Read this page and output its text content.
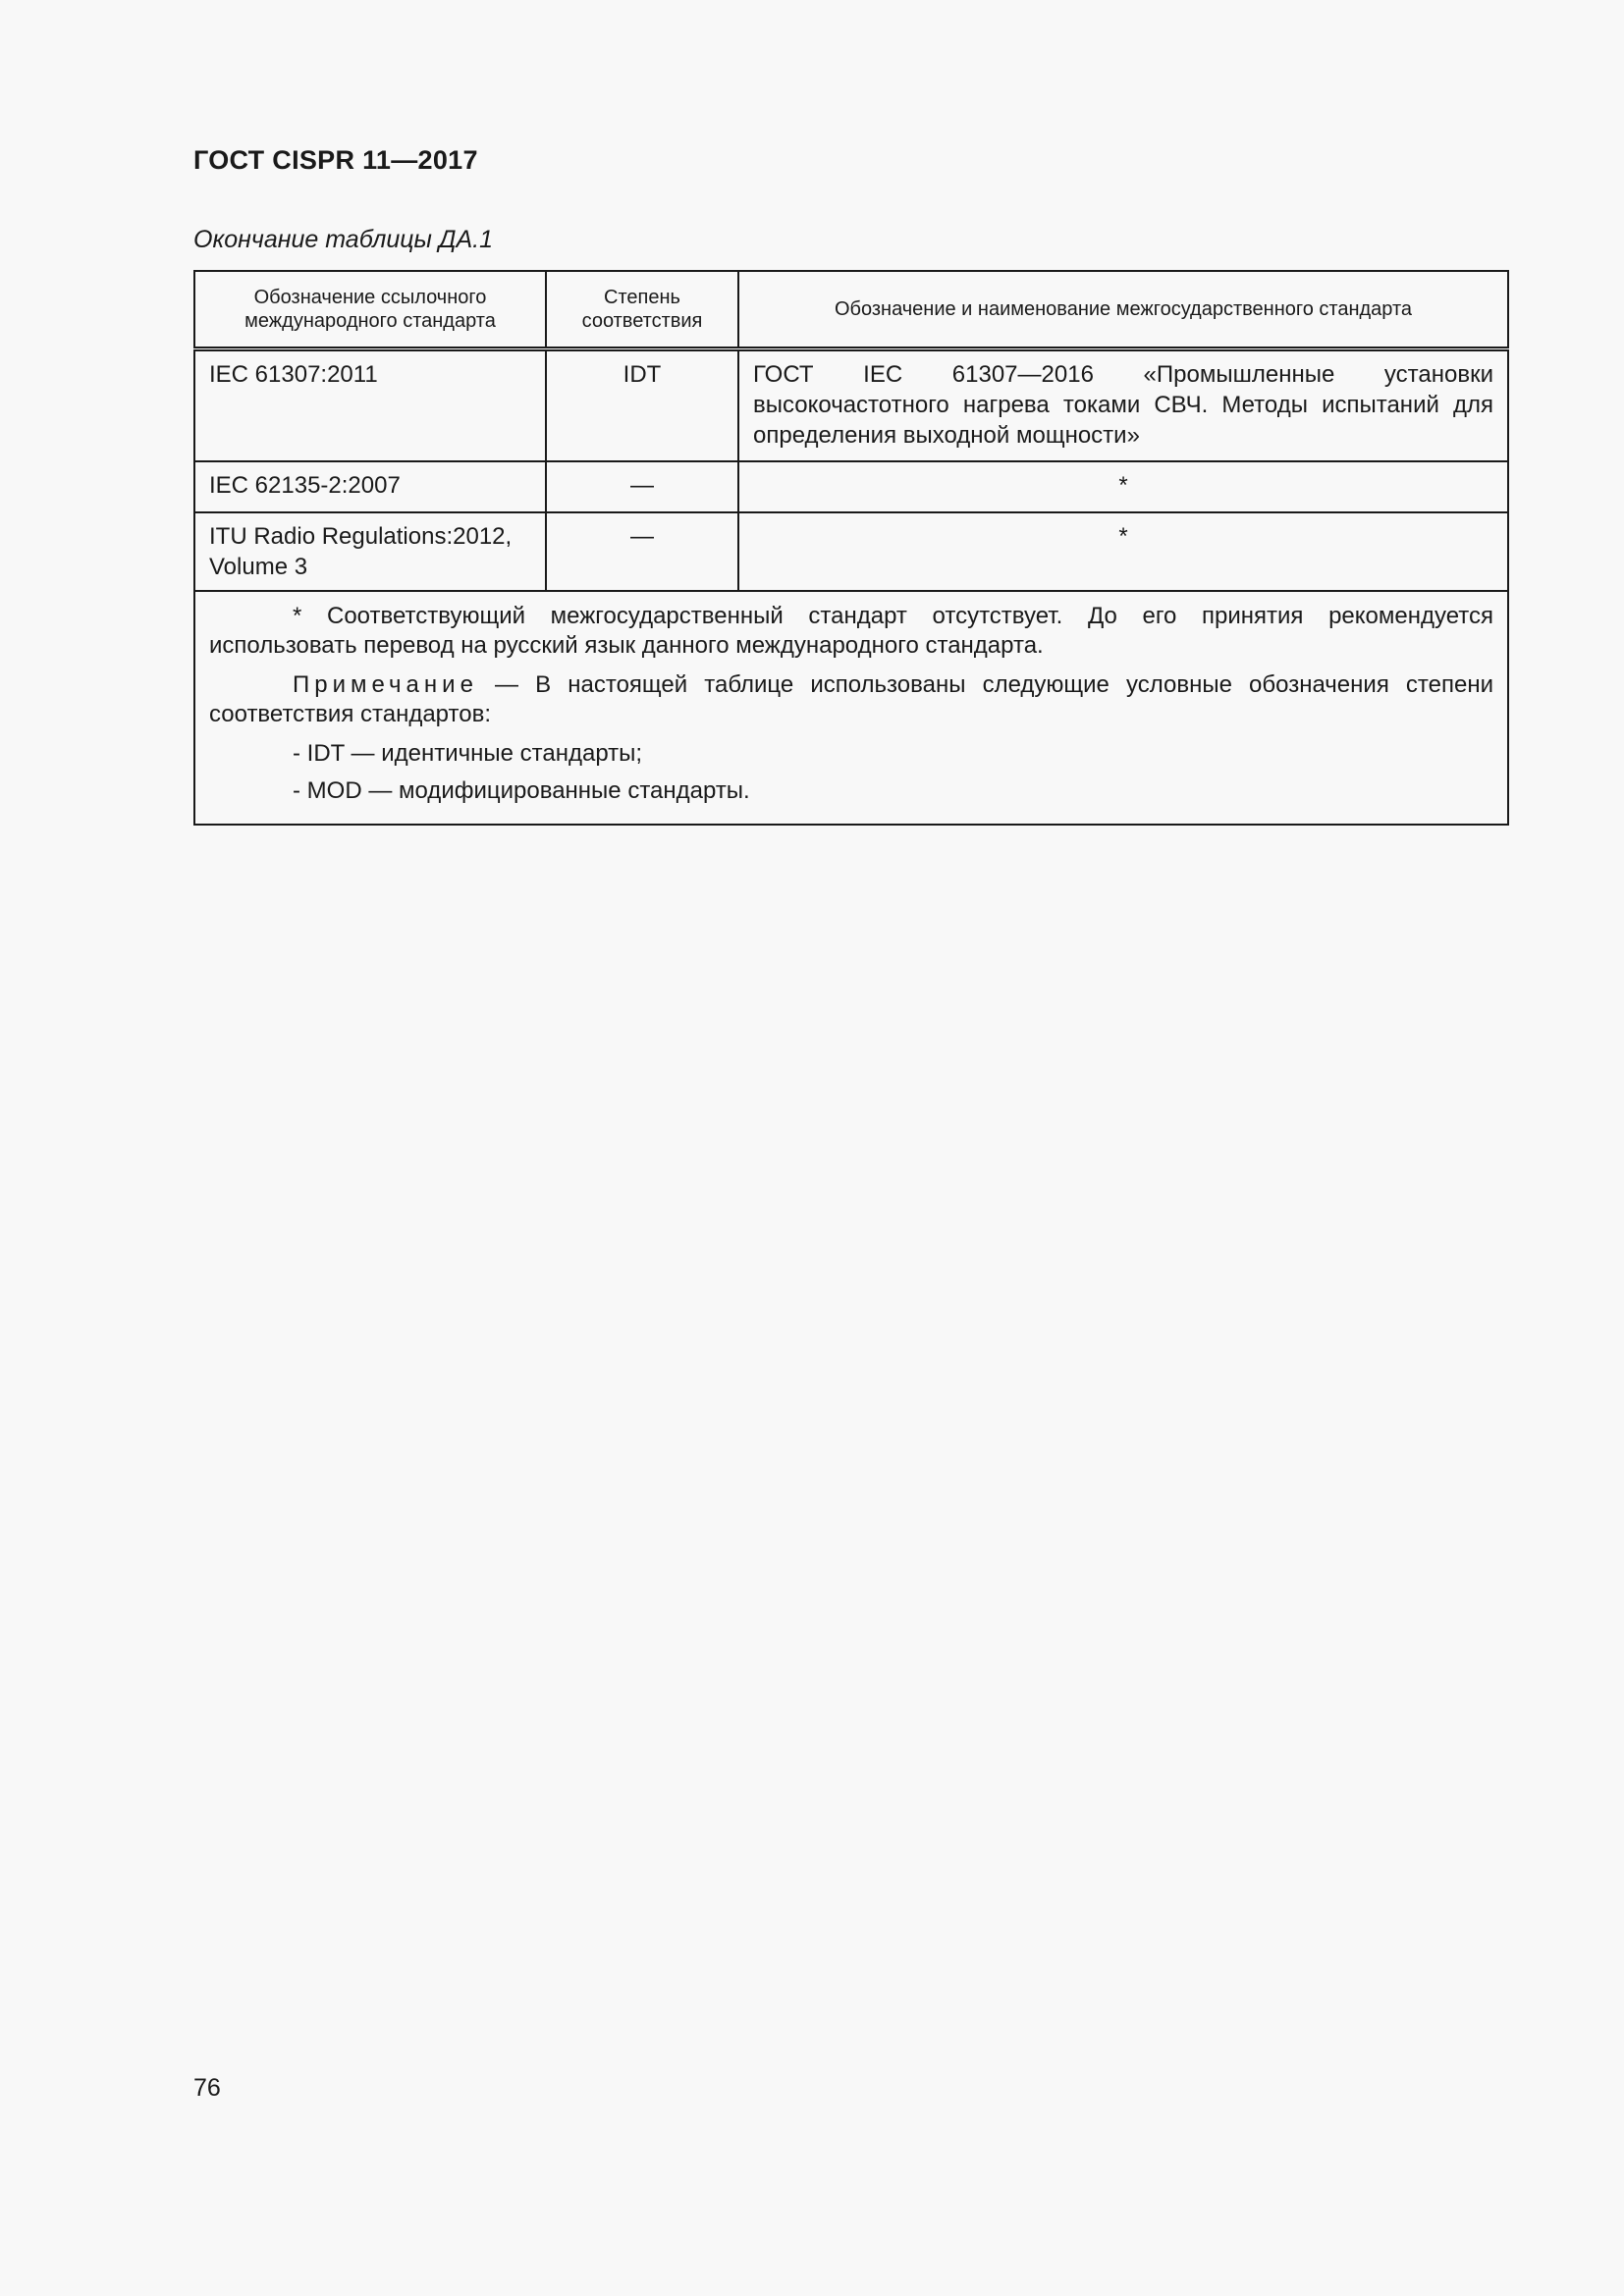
ГОСТ CISPR 11—2017
Окончание таблицы ДА.1
Обозначение ссылочного международного стандарта	Степень соответствия	Обозначение и наименование межгосударственного стандарта
IEC 61307:2011	IDT	ГОСТ IEC 61307—2016 «Промышленные установки высокочастотного нагрева токами СВЧ. Методы испытаний для определения выходной мощности»
IEC 62135-2:2007	—	*
ITU Radio Regulations:2012, Volume 3	—	*

* Соответствующий межгосударственный стандарт отсутствует. До его принятия рекомендуется использовать перевод на русский язык данного международного стандарта.

Примечание — В настоящей таблице использованы следующие условные обозначения степени соответствия стандартов:

- IDT — идентичные стандарты;
- MOD — модифицированные стандарты.		
76
